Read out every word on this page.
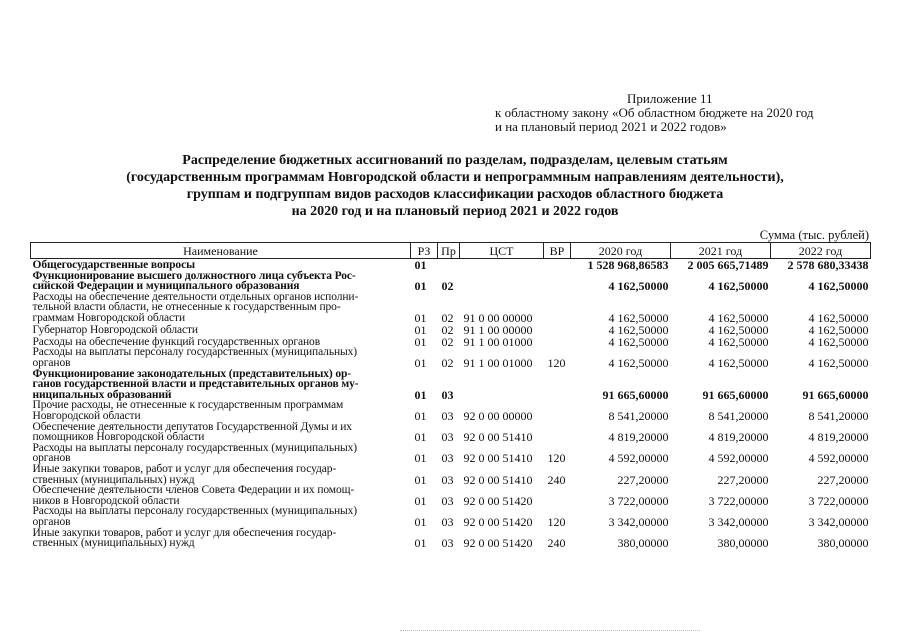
Приложение 11
к областному закону «Об областном бюджете на 2020 год
и на плановый период 2021 и 2022 годов»
Распределение бюджетных ассигнований по разделам, подразделам, целевым статьям
(государственным программам Новгородской области и непрограммным направлениям деятельности),
группам и подгруппам видов расходов классификации расходов областного бюджета
на 2020 год и на плановый период 2021 и 2022 годов
Сумма (тыс. рублей)
Наименование	РЗ	Пр	ЦСТ	ВР	2020 год	2021 год	2022 год
Общегосударственные вопросы	01				1 528 968,86583	2 005 665,71489	2 578 680,33438
Функционирование высшего должностного лица субъекта Рос-
сийской Федерации и муниципального образования	01	02			4 162,50000	4 162,50000	4 162,50000
Расходы на обеспечение деятельности отдельных органов исполни-
тельной власти области, не отнесенные к государственным про-
граммам Новгородской области	01	02	91 0 00 00000		4 162,50000	4 162,50000	4 162,50000
Губернатор Новгородской области	01	02	91 1 00 00000		4 162,50000	4 162,50000	4 162,50000
Расходы на обеспечение функций государственных органов	01	02	91 1 00 01000		4 162,50000	4 162,50000	4 162,50000
Расходы на выплаты персоналу государственных (муниципальных)
органов	01	02	91 1 00 01000	120	4 162,50000	4 162,50000	4 162,50000
Функционирование законодательных (представительных) ор-
ганов государственной власти и представительных органов му-
ниципальных образований	01	03			91 665,60000	91 665,60000	91 665,60000
Прочие расходы, не отнесенные к государственным программам
Новгородской области	01	03	92 0 00 00000		8 541,20000	8 541,20000	8 541,20000
Обеспечение деятельности депутатов Государственной Думы и их
помощников Новгородской области	01	03	92 0 00 51410		4 819,20000	4 819,20000	4 819,20000
Расходы на выплаты персоналу государственных (муниципальных)
органов	01	03	92 0 00 51410	120	4 592,00000	4 592,00000	4 592,00000
Иные закупки товаров, работ и услуг для обеспечения государ-
ственных (муниципальных) нужд	01	03	92 0 00 51410	240	227,20000	227,20000	227,20000
Обеспечение деятельности членов Совета Федерации и их помощ-
ников в Новгородской области	01	03	92 0 00 51420		3 722,00000	3 722,00000	3 722,00000
Расходы на выплаты персоналу государственных (муниципальных)
органов	01	03	92 0 00 51420	120	3 342,00000	3 342,00000	3 342,00000
Иные закупки товаров, работ и услуг для обеспечения государ-
ственных (муниципальных) нужд	01	03	92 0 00 51420	240	380,00000	380,00000	380,00000
